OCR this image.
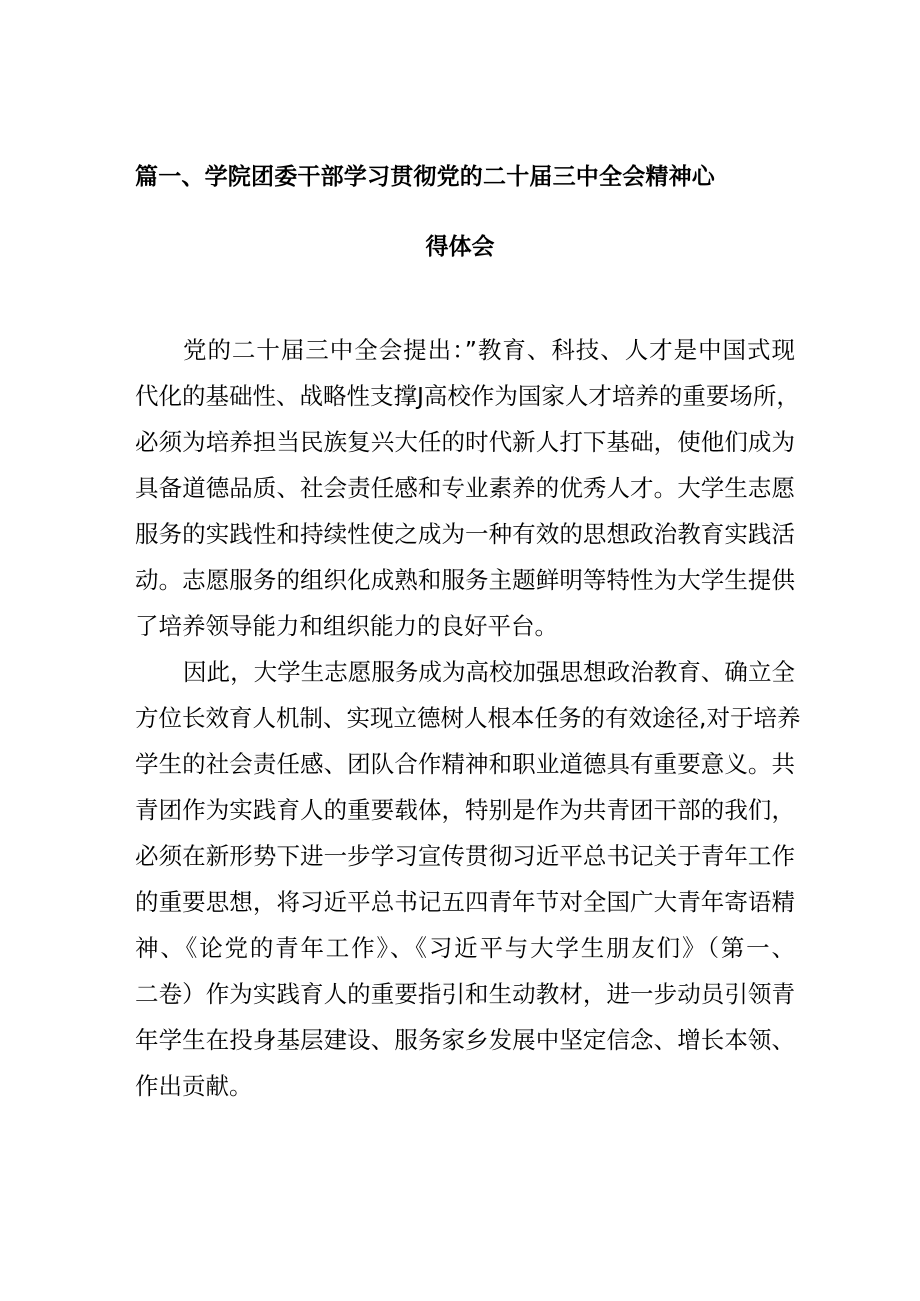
篇一、学院团委干部学习贯彻党的二十届三中全会精神心
得体会
党的二十届三中全会提出：”教育、科技、人才是中国式现
代化的基础性、战略性支撑J高校作为国家人才培养的重要场所，
必须为培养担当民族复兴大任的时代新人打下基础，使他们成为
具备道德品质、社会责任感和专业素养的优秀人才。大学生志愿
服务的实践性和持续性使之成为一种有效的思想政治教育实践活
动。志愿服务的组织化成熟和服务主题鲜明等特性为大学生提供
了培养领导能力和组织能力的良好平台。
因此，大学生志愿服务成为高校加强思想政治教育、确立全
方位长效育人机制、实现立德树人根本任务的有效途径,对于培养
学生的社会责任感、团队合作精神和职业道德具有重要意义。共
青团作为实践育人的重要载体，特别是作为共青团干部的我们，
必须在新形势下进一步学习宣传贯彻习近平总书记关于青年工作
的重要思想，将习近平总书记五四青年节对全国广大青年寄语精
神、《论党的青年工作》、《习近平与大学生朋友们》（第一、
二卷）作为实践育人的重要指引和生动教材，进一步动员引领青
年学生在投身基层建设、服务家乡发展中坚定信念、增长本领、
作出贡献。
